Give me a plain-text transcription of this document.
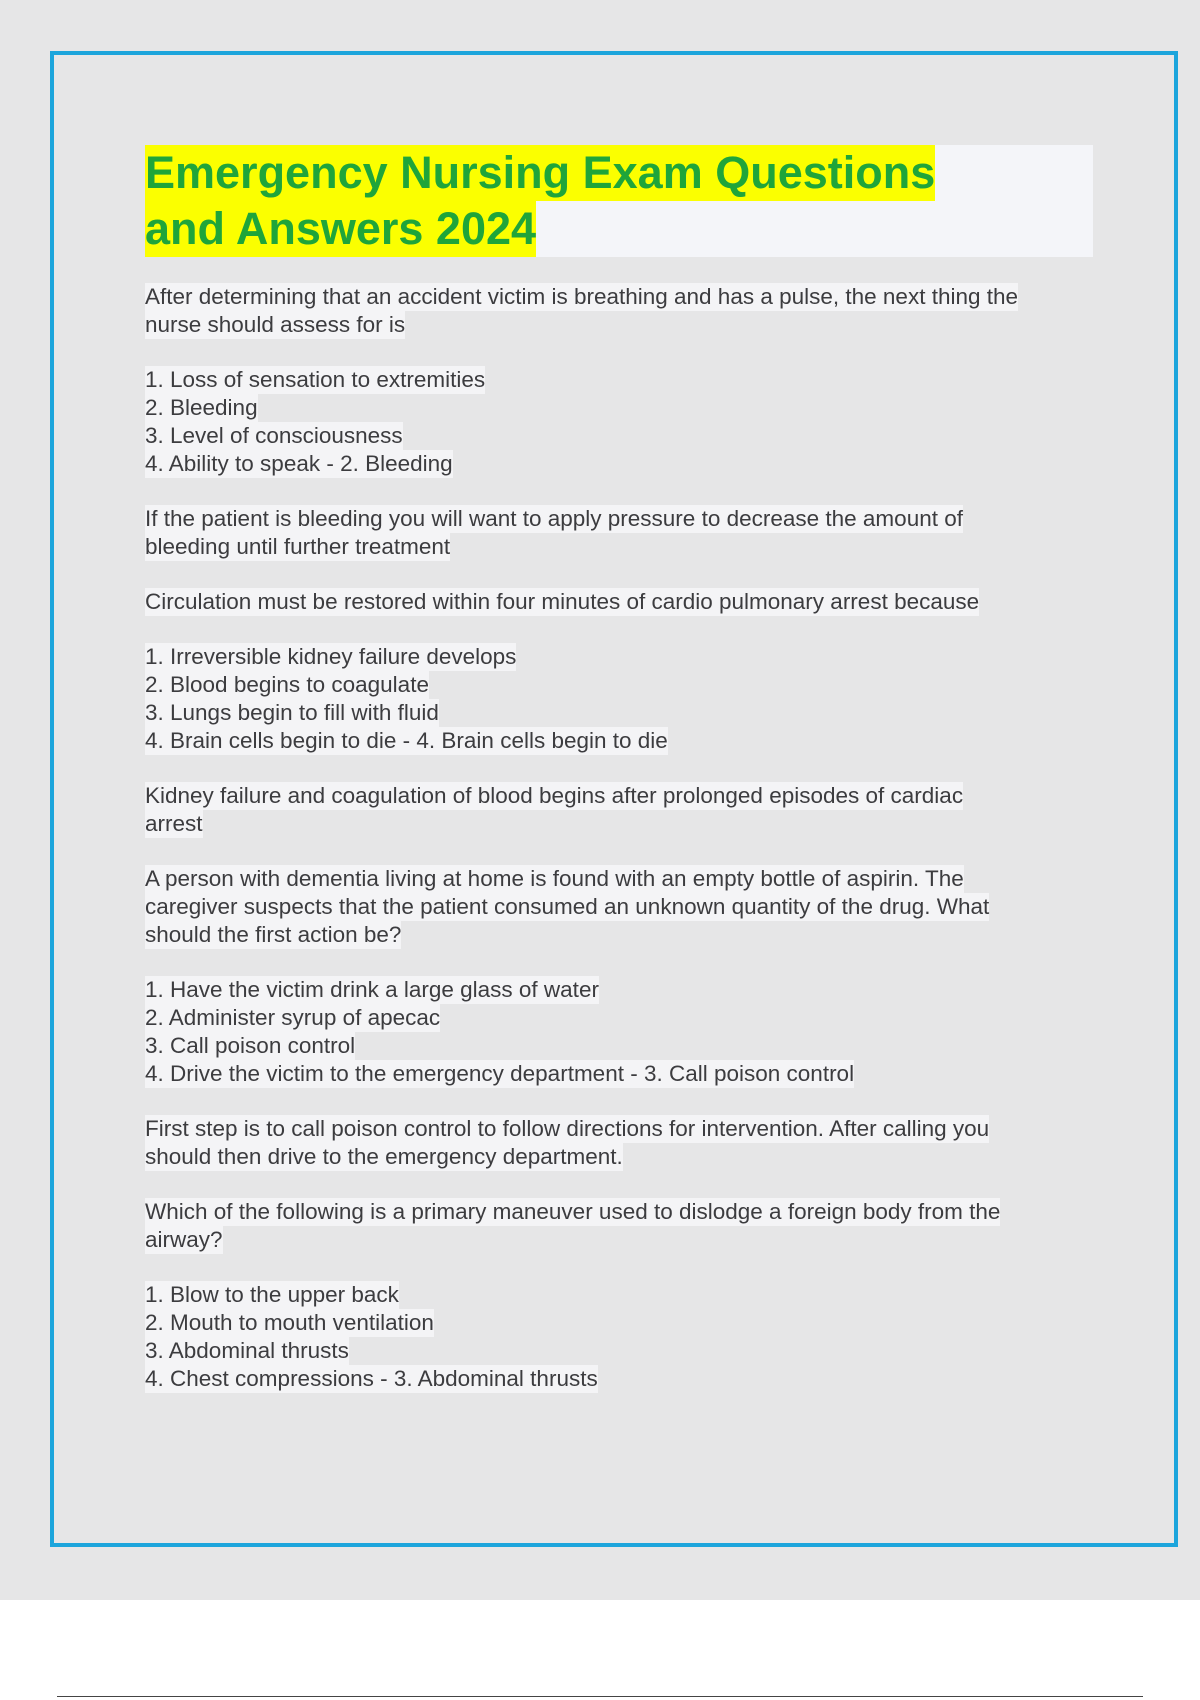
Emergency Nursing Exam Questions
and Answers 2024
After determining that an accident victim is breathing and has a pulse, the next thing the
nurse should assess for is
1. Loss of sensation to extremities
2. Bleeding
3. Level of consciousness
4. Ability to speak - 2. Bleeding
If the patient is bleeding you will want to apply pressure to decrease the amount of
bleeding until further treatment
Circulation must be restored within four minutes of cardio pulmonary arrest because
1. Irreversible kidney failure develops
2. Blood begins to coagulate
3. Lungs begin to fill with fluid
4. Brain cells begin to die - 4. Brain cells begin to die
Kidney failure and coagulation of blood begins after prolonged episodes of cardiac
arrest
A person with dementia living at home is found with an empty bottle of aspirin. The
caregiver suspects that the patient consumed an unknown quantity of the drug. What
should the first action be?
1. Have the victim drink a large glass of water
2. Administer syrup of apecac
3. Call poison control
4. Drive the victim to the emergency department - 3. Call poison control
First step is to call poison control to follow directions for intervention. After calling you
should then drive to the emergency department.
Which of the following is a primary maneuver used to dislodge a foreign body from the
airway?
1. Blow to the upper back
2. Mouth to mouth ventilation
3. Abdominal thrusts
4. Chest compressions - 3. Abdominal thrusts
